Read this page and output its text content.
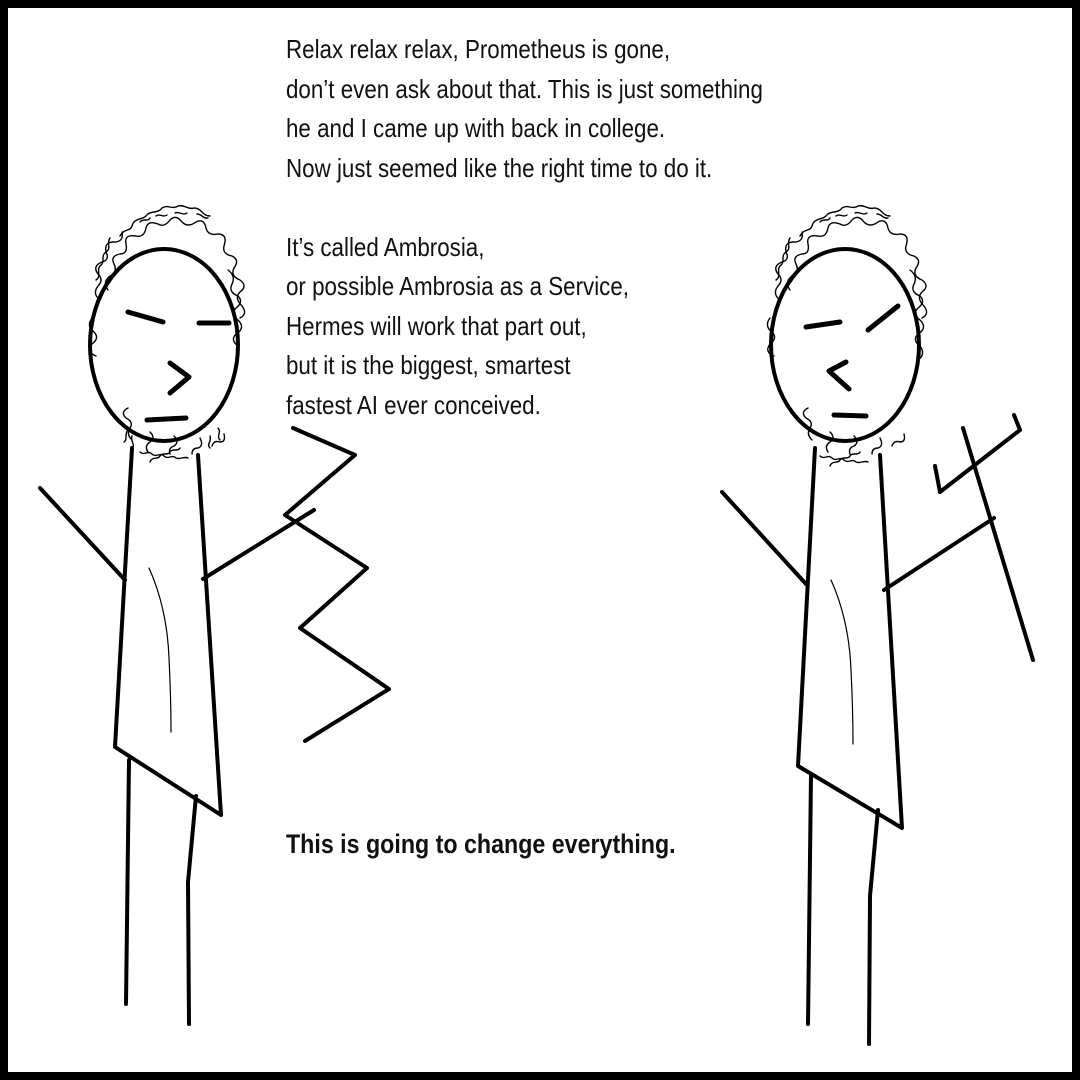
Relax relax relax, Prometheus is gone,
don’t even ask about that. This is just something
he and I came up with back in college.
Now just seemed like the right time to do it.
It’s called Ambrosia,
or possible Ambrosia as a Service,
Hermes will work that part out,
but it is the biggest, smartest
fastest AI ever conceived.
This is going to change everything.
